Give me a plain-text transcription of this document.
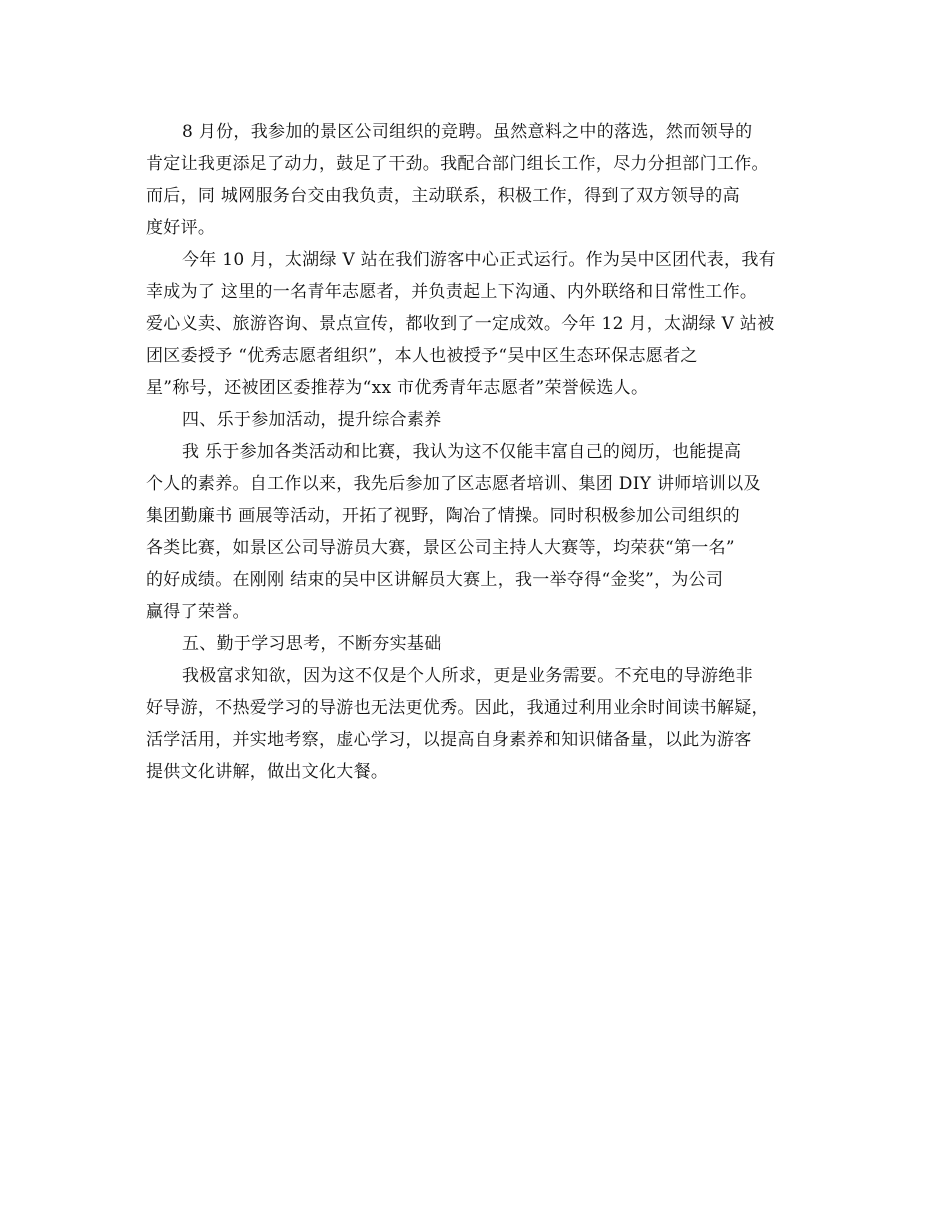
8 月份，我参加的景区公司组织的竞聘。虽然意料之中的落选，然而领导的
肯定让我更添足了动力，鼓足了干劲。我配合部门组长工作，尽力分担部门工作。
而后，同 城网服务台交由我负责，主动联系，积极工作，得到了双方领导的高
度好评。
今年 10 月，太湖绿 V 站在我们游客中心正式运行。作为吴中区团代表，我有
幸成为了 这里的一名青年志愿者，并负责起上下沟通、内外联络和日常性工作。
爱心义卖、旅游咨询、景点宣传，都收到了一定成效。今年 12 月，太湖绿 V 站被
团区委授予 “优秀志愿者组织”，本人也被授予“吴中区生态环保志愿者之
星”称号，还被团区委推荐为“xx 市优秀青年志愿者”荣誉候选人。
四、乐于参加活动，提升综合素养
我 乐于参加各类活动和比赛，我认为这不仅能丰富自己的阅历，也能提高
个人的素养。自工作以来，我先后参加了区志愿者培训、集团 DIY 讲师培训以及
集团勤廉书 画展等活动，开拓了视野，陶冶了情操。同时积极参加公司组织的
各类比赛，如景区公司导游员大赛，景区公司主持人大赛等，均荣获“第一名”
的好成绩。在刚刚 结束的吴中区讲解员大赛上，我一举夺得“金奖”，为公司
赢得了荣誉。
五、勤于学习思考，不断夯实基础
我极富求知欲，因为这不仅是个人所求，更是业务需要。不充电的导游绝非
好导游，不热爱学习的导游也无法更优秀。因此，我通过利用业余时间读书解疑，
活学活用，并实地考察，虚心学习，以提高自身素养和知识储备量，以此为游客
提供文化讲解，做出文化大餐。
